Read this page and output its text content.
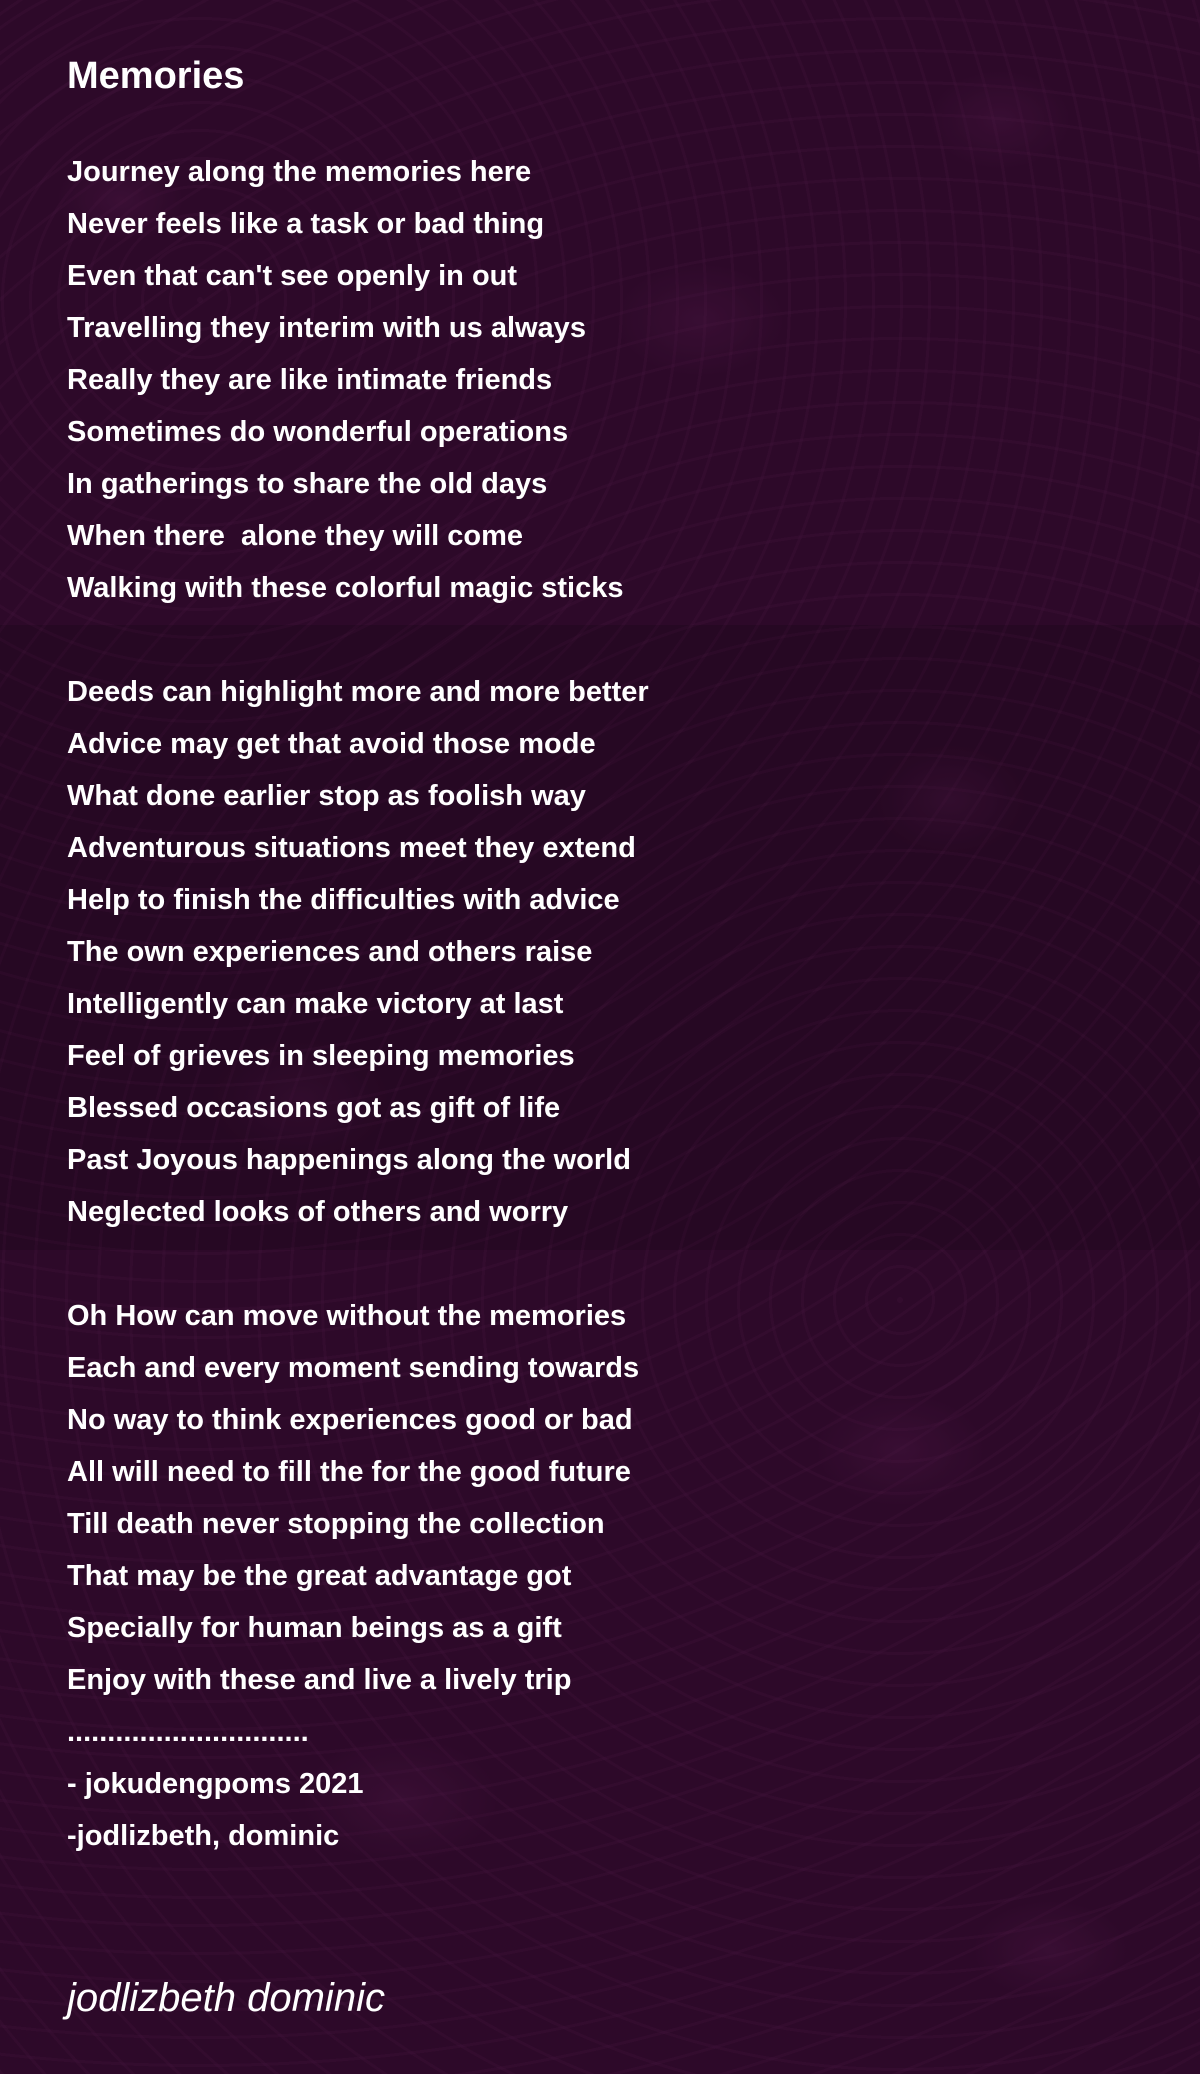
Memories
Journey along the memories here
Never feels like a task or bad thing
Even that can't see openly in out
Travelling they interim with us always
Really they are like intimate friends
Sometimes do wonderful operations
In gatherings to share the old days
When there  alone they will come
Walking with these colorful magic sticks
Deeds can highlight more and more better
Advice may get that avoid those mode
What done earlier stop as foolish way
Adventurous situations meet they extend
Help to finish the difficulties with advice
The own experiences and others raise
Intelligently can make victory at last
Feel of grieves in sleeping memories
Blessed occasions got as gift of life
Past Joyous happenings along the world
Neglected looks of others and worry
Oh How can move without the memories
Each and every moment sending towards
No way to think experiences good or bad
All will need to fill the for the good future
Till death never stopping the collection
That may be the great advantage got
Specially for human beings as a gift
Enjoy with these and live a lively trip
..............................
- jokudengpoms 2021
-jodlizbeth, dominic
jodlizbeth dominic
